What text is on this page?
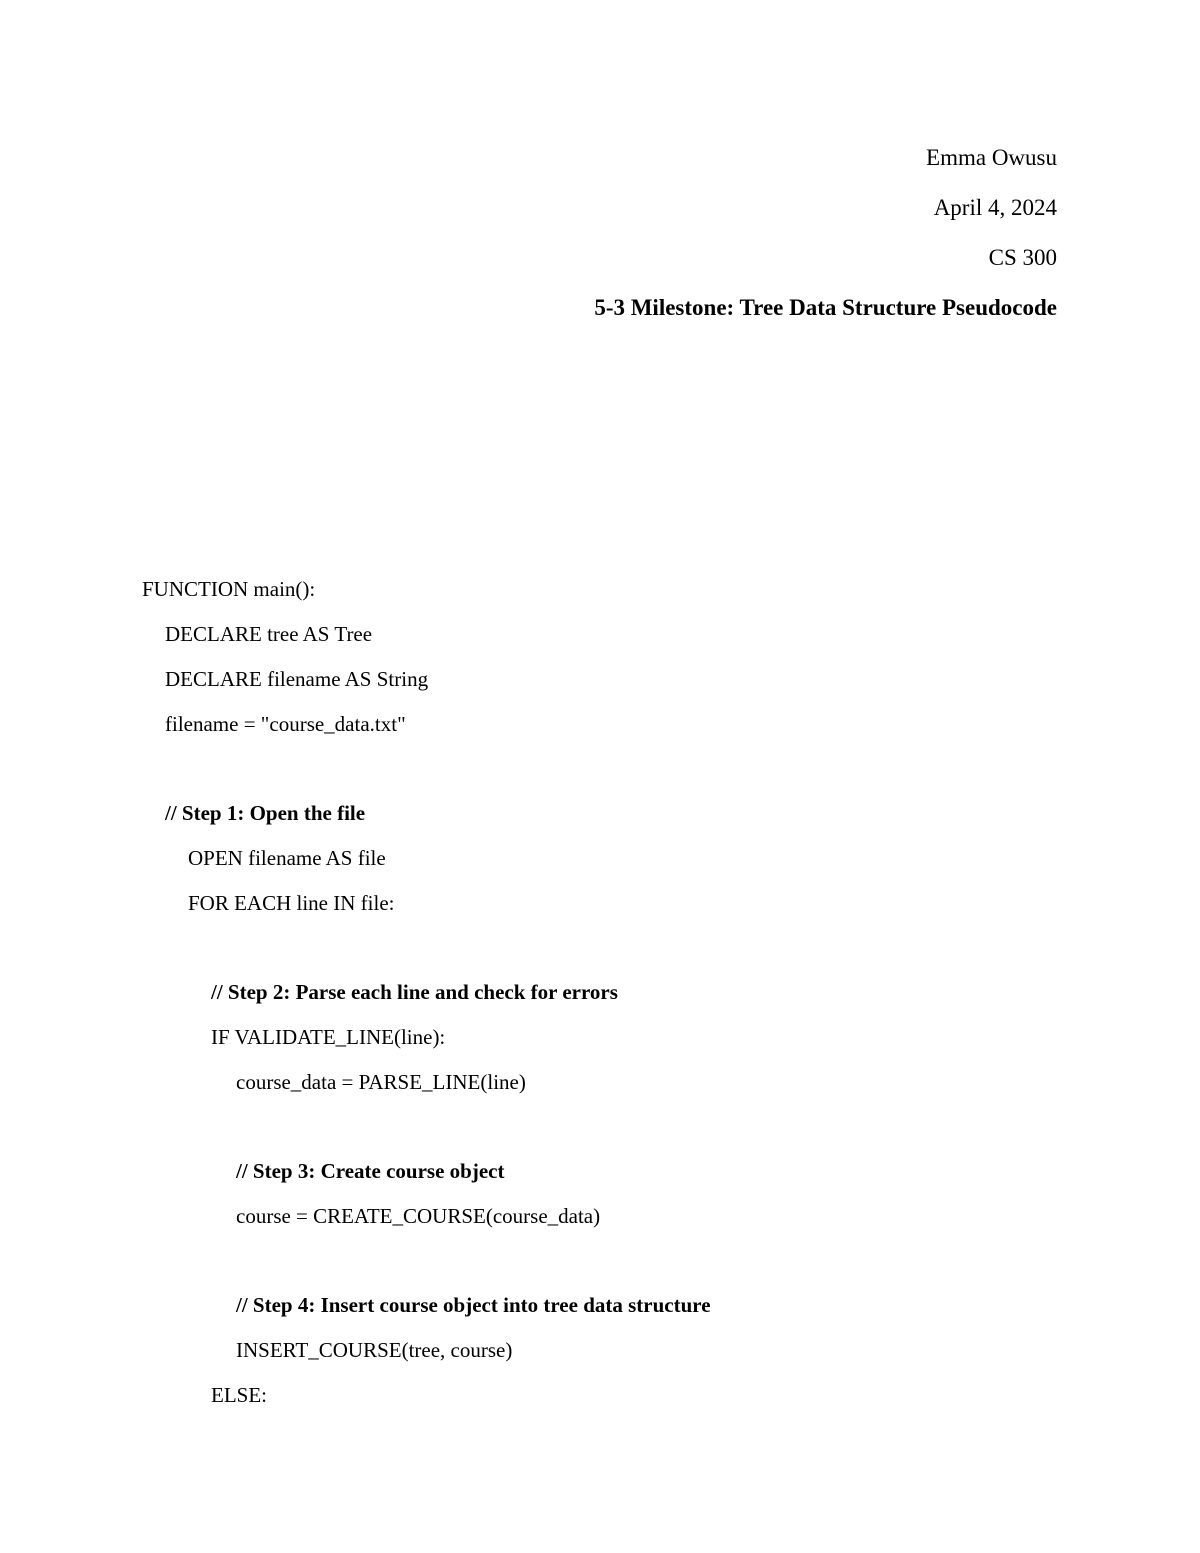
Emma Owusu
April 4, 2024
CS 300
5-3 Milestone: Tree Data Structure Pseudocode
FUNCTION main():
DECLARE tree AS Tree
DECLARE filename AS String
filename = "course_data.txt"
// Step 1: Open the file
OPEN filename AS file
FOR EACH line IN file:
// Step 2: Parse each line and check for errors
IF VALIDATE_LINE(line):
course_data = PARSE_LINE(line)
// Step 3: Create course object
course = CREATE_COURSE(course_data)
// Step 4: Insert course object into tree data structure
INSERT_COURSE(tree, course)
ELSE:
